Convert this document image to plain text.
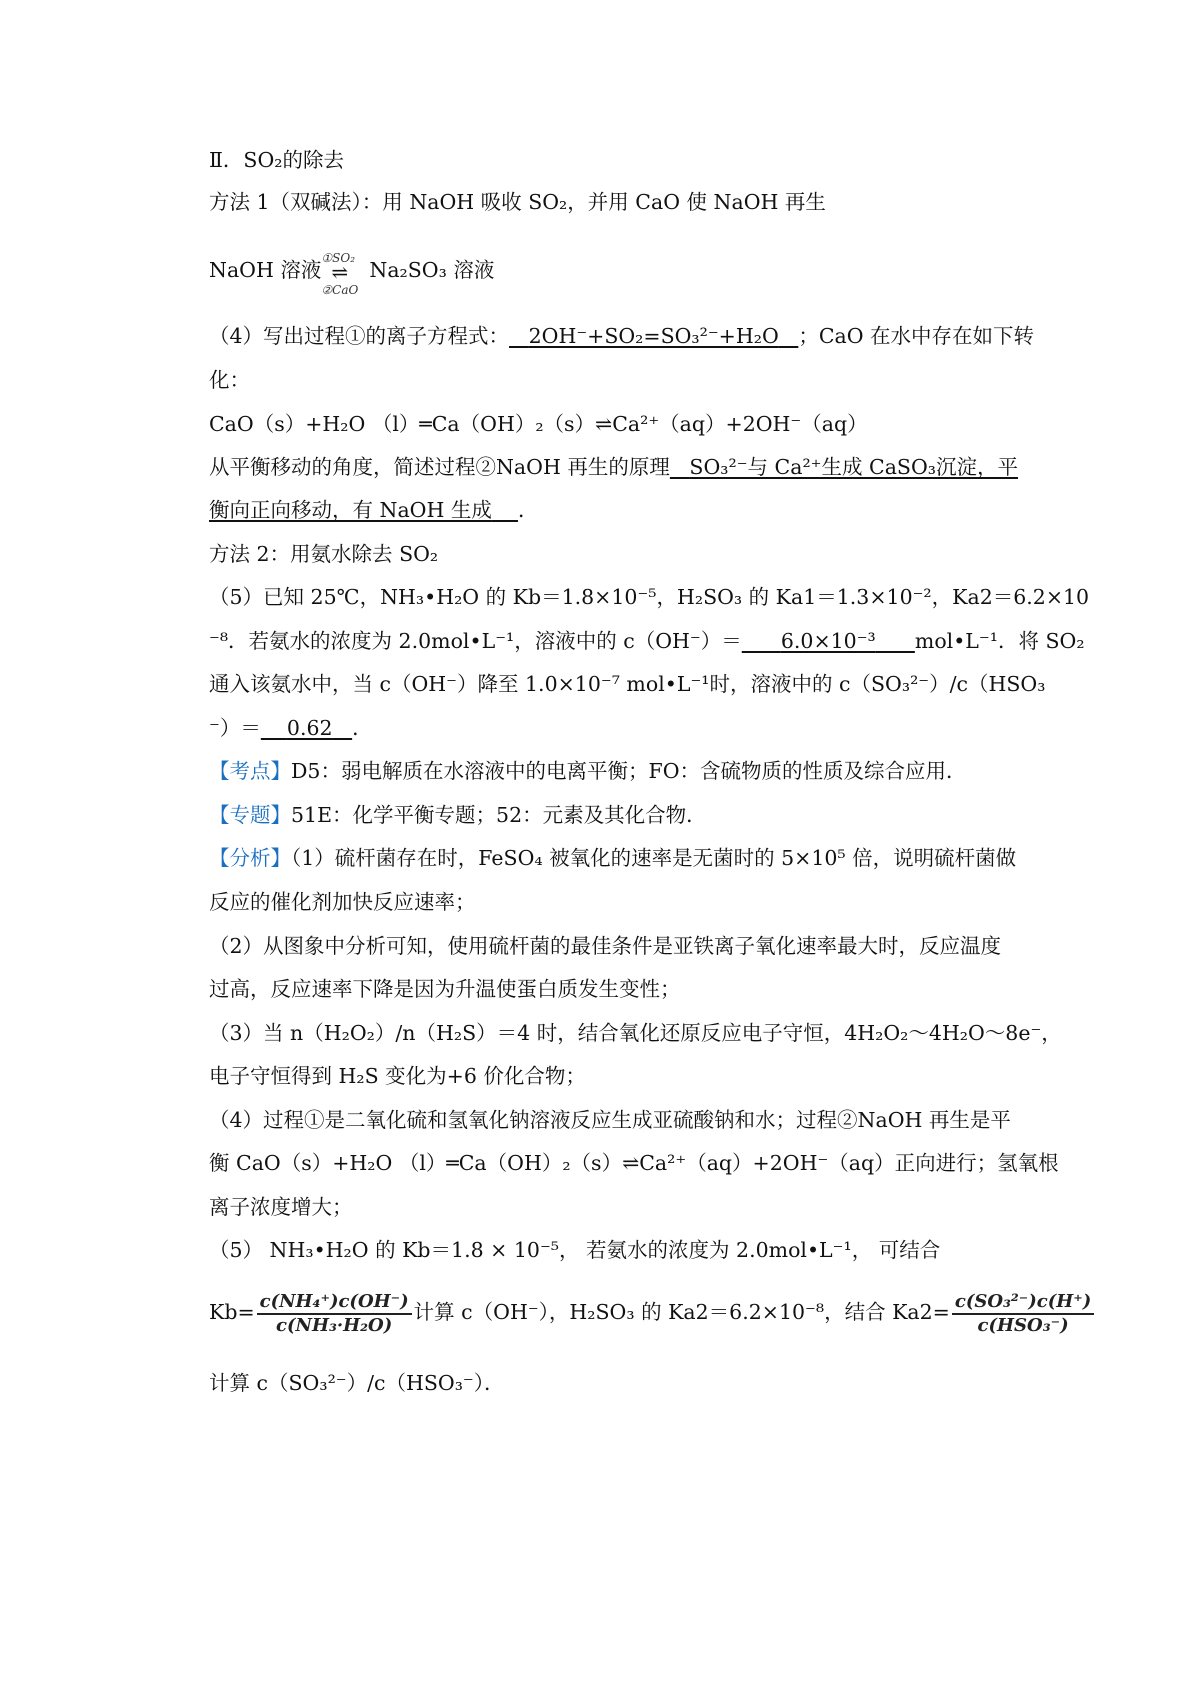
Ⅱ．SO₂的除去
方法 1（双碱法）：用 NaOH 吸收 SO₂，并用 CaO 使 NaOH 再生
NaOH 溶液
①SO₂
⇌
②CaO
Na₂SO₃ 溶液
（4）写出过程①的离子方程式： 2OH⁻+SO₂=SO₃²⁻+H₂O ；CaO 在水中存在如下转
化：
CaO（s）+H₂O （l）═Ca（OH）₂（s）⇌Ca²⁺（aq）+2OH⁻（aq）
从平衡移动的角度，简述过程②NaOH 再生的原理 SO₃²⁻与 Ca²⁺生成 CaSO₃沉淀，平
衡向正向移动，有 NaOH 生成 ．
方法 2：用氨水除去 SO₂
（5）已知 25℃，NH₃•H₂O 的 Kb＝1.8×10⁻⁵，H₂SO₃ 的 Ka1＝1.3×10⁻²，Ka2＝6.2×10
⁻⁸．若氨水的浓度为 2.0mol•L⁻¹，溶液中的 c（OH⁻）＝ 6.0×10⁻³ mol•L⁻¹．将 SO₂
通入该氨水中，当 c（OH⁻）降至 1.0×10⁻⁷ mol•L⁻¹时，溶液中的 c（SO₃²⁻）/c（HSO₃
⁻）＝ 0.62 ．
【考点】D5：弱电解质在水溶液中的电离平衡；FO：含硫物质的性质及综合应用．
【专题】51E：化学平衡专题；52：元素及其化合物．
【分析】（1）硫杆菌存在时，FeSO₄ 被氧化的速率是无菌时的 5×10⁵ 倍，说明硫杆菌做
反应的催化剂加快反应速率；
（2）从图象中分析可知，使用硫杆菌的最佳条件是亚铁离子氧化速率最大时，反应温度
过高，反应速率下降是因为升温使蛋白质发生变性；
（3）当 n（H₂O₂）/n（H₂S）＝4 时，结合氧化还原反应电子守恒，4H₂O₂～4H₂O～8e⁻，
电子守恒得到 H₂S 变化为+6 价化合物；
（4）过程①是二氧化硫和氢氧化钠溶液反应生成亚硫酸钠和水；过程②NaOH 再生是平
衡 CaO（s）+H₂O （l）═Ca（OH）₂（s）⇌Ca²⁺（aq）+2OH⁻（aq）正向进行；氢氧根
离子浓度增大；
（5） NH₃•H₂O 的 Kb＝1.8 × 10⁻⁵， 若氨水的浓度为 2.0mol•L⁻¹， 可结合
$Kb= \frac{\text{c(NH₄⁺)c(OH⁻)}}{\text{c(NH₃·H₂O)}}$ 计算 c（OH⁻），H₂SO₃ 的 Ka2＝6.2×10⁻⁸，结合 $Ka2= \frac{\text{c(SO₃²⁻)c(H⁺)}}{\text{c(HSO₃⁻)}}$
计算 c（SO₃²⁻）/c（HSO₃⁻）．
